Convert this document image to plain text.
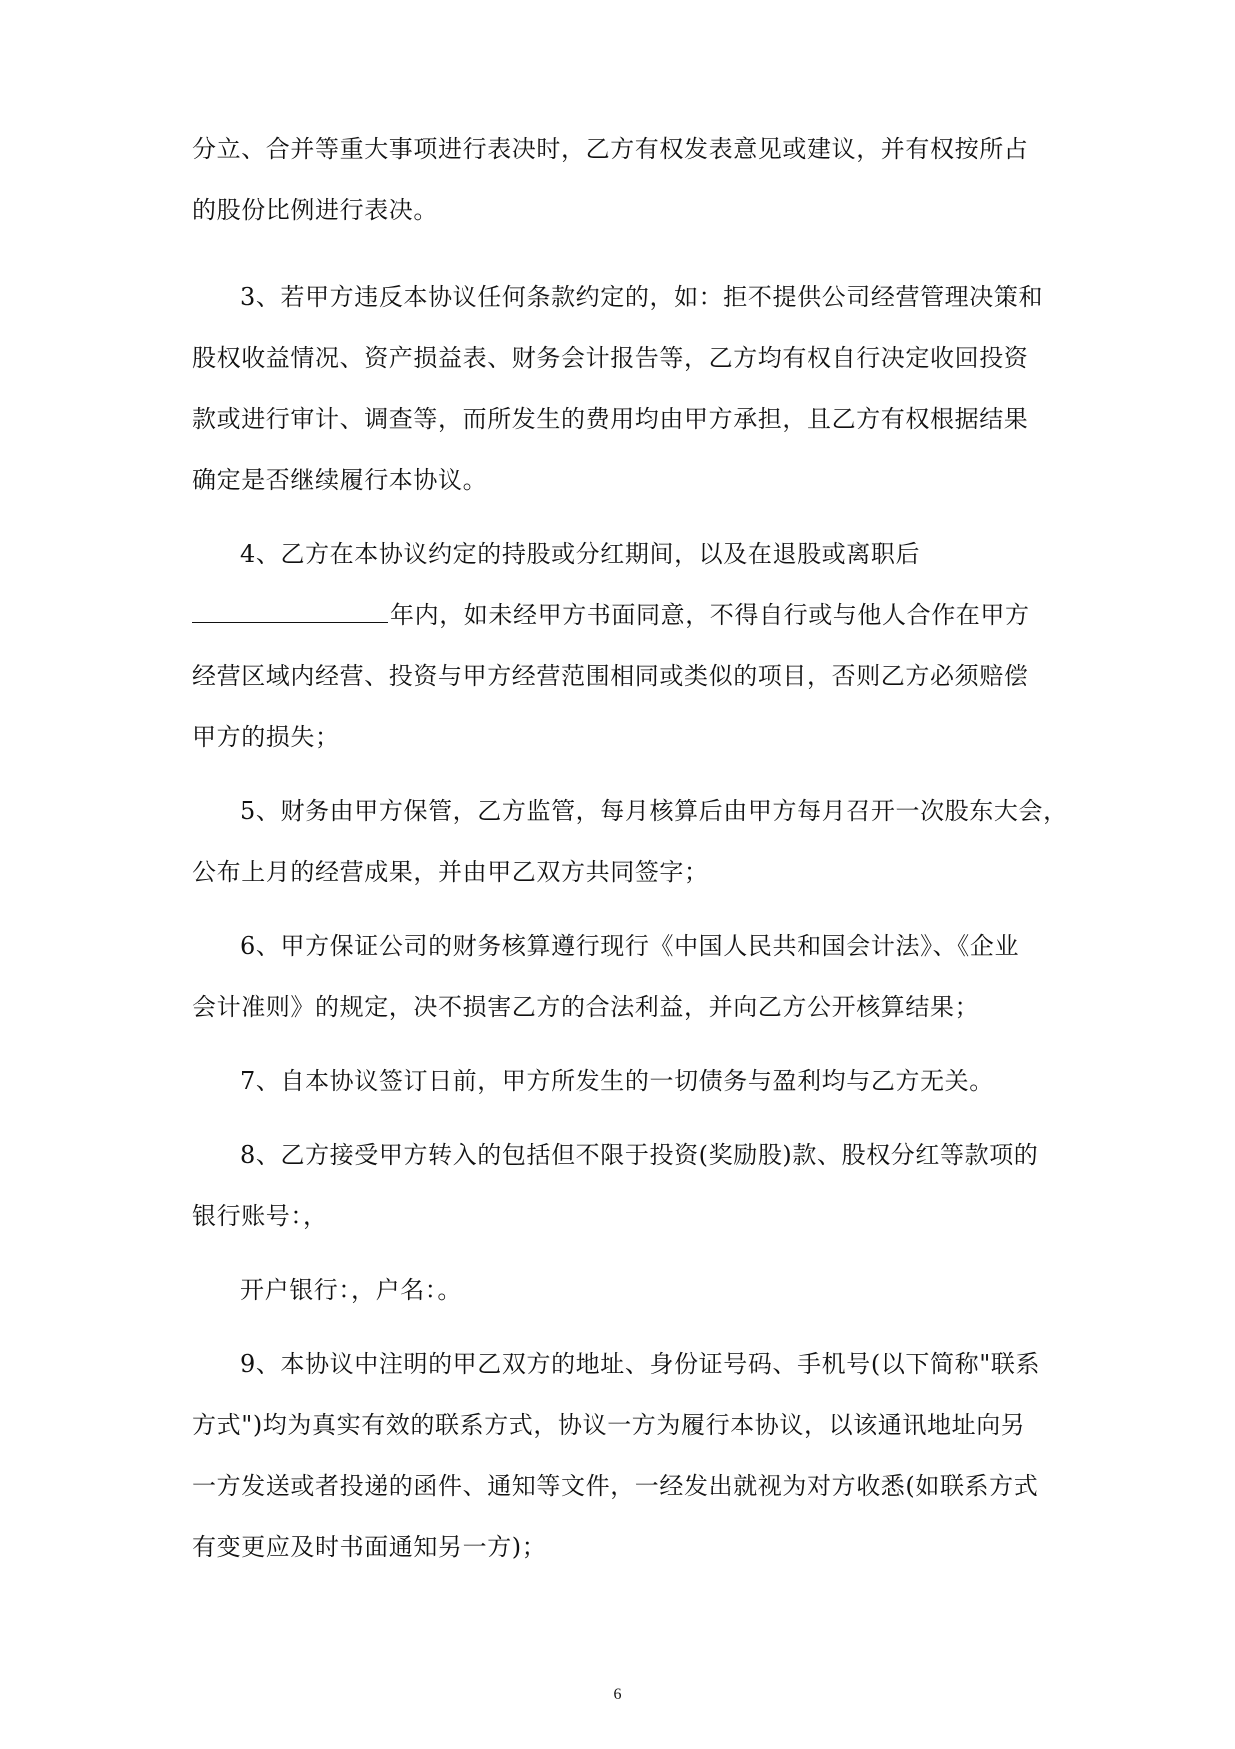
分立、合并等重大事项进行表决时，乙方有权发表意见或建议，并有权按所占
的股份比例进行表决。
3、若甲方违反本协议任何条款约定的，如：拒不提供公司经营管理决策和
股权收益情况、资产损益表、财务会计报告等，乙方均有权自行决定收回投资
款或进行审计、调查等，而所发生的费用均由甲方承担，且乙方有权根据结果
确定是否继续履行本协议。
4、乙方在本协议约定的持股或分红期间，以及在退股或离职后
年内，如未经甲方书面同意，不得自行或与他人合作在甲方
经营区域内经营、投资与甲方经营范围相同或类似的项目，否则乙方必须赔偿
甲方的损失；
5、财务由甲方保管，乙方监管，每月核算后由甲方每月召开一次股东大会，
公布上月的经营成果，并由甲乙双方共同签字；
6、甲方保证公司的财务核算遵行现行《中国人民共和国会计法》、《企业
会计准则》的规定，决不损害乙方的合法利益，并向乙方公开核算结果；
7、自本协议签订日前，甲方所发生的一切债务与盈利均与乙方无关。
8、乙方接受甲方转入的包括但不限于投资(奖励股)款、股权分红等款项的
银行账号：，
开户银行：，户名：。
9、本协议中注明的甲乙双方的地址、身份证号码、手机号(以下简称"联系
方式")均为真实有效的联系方式，协议一方为履行本协议，以该通讯地址向另
一方发送或者投递的函件、通知等文件，一经发出就视为对方收悉(如联系方式
有变更应及时书面通知另一方)；
6
